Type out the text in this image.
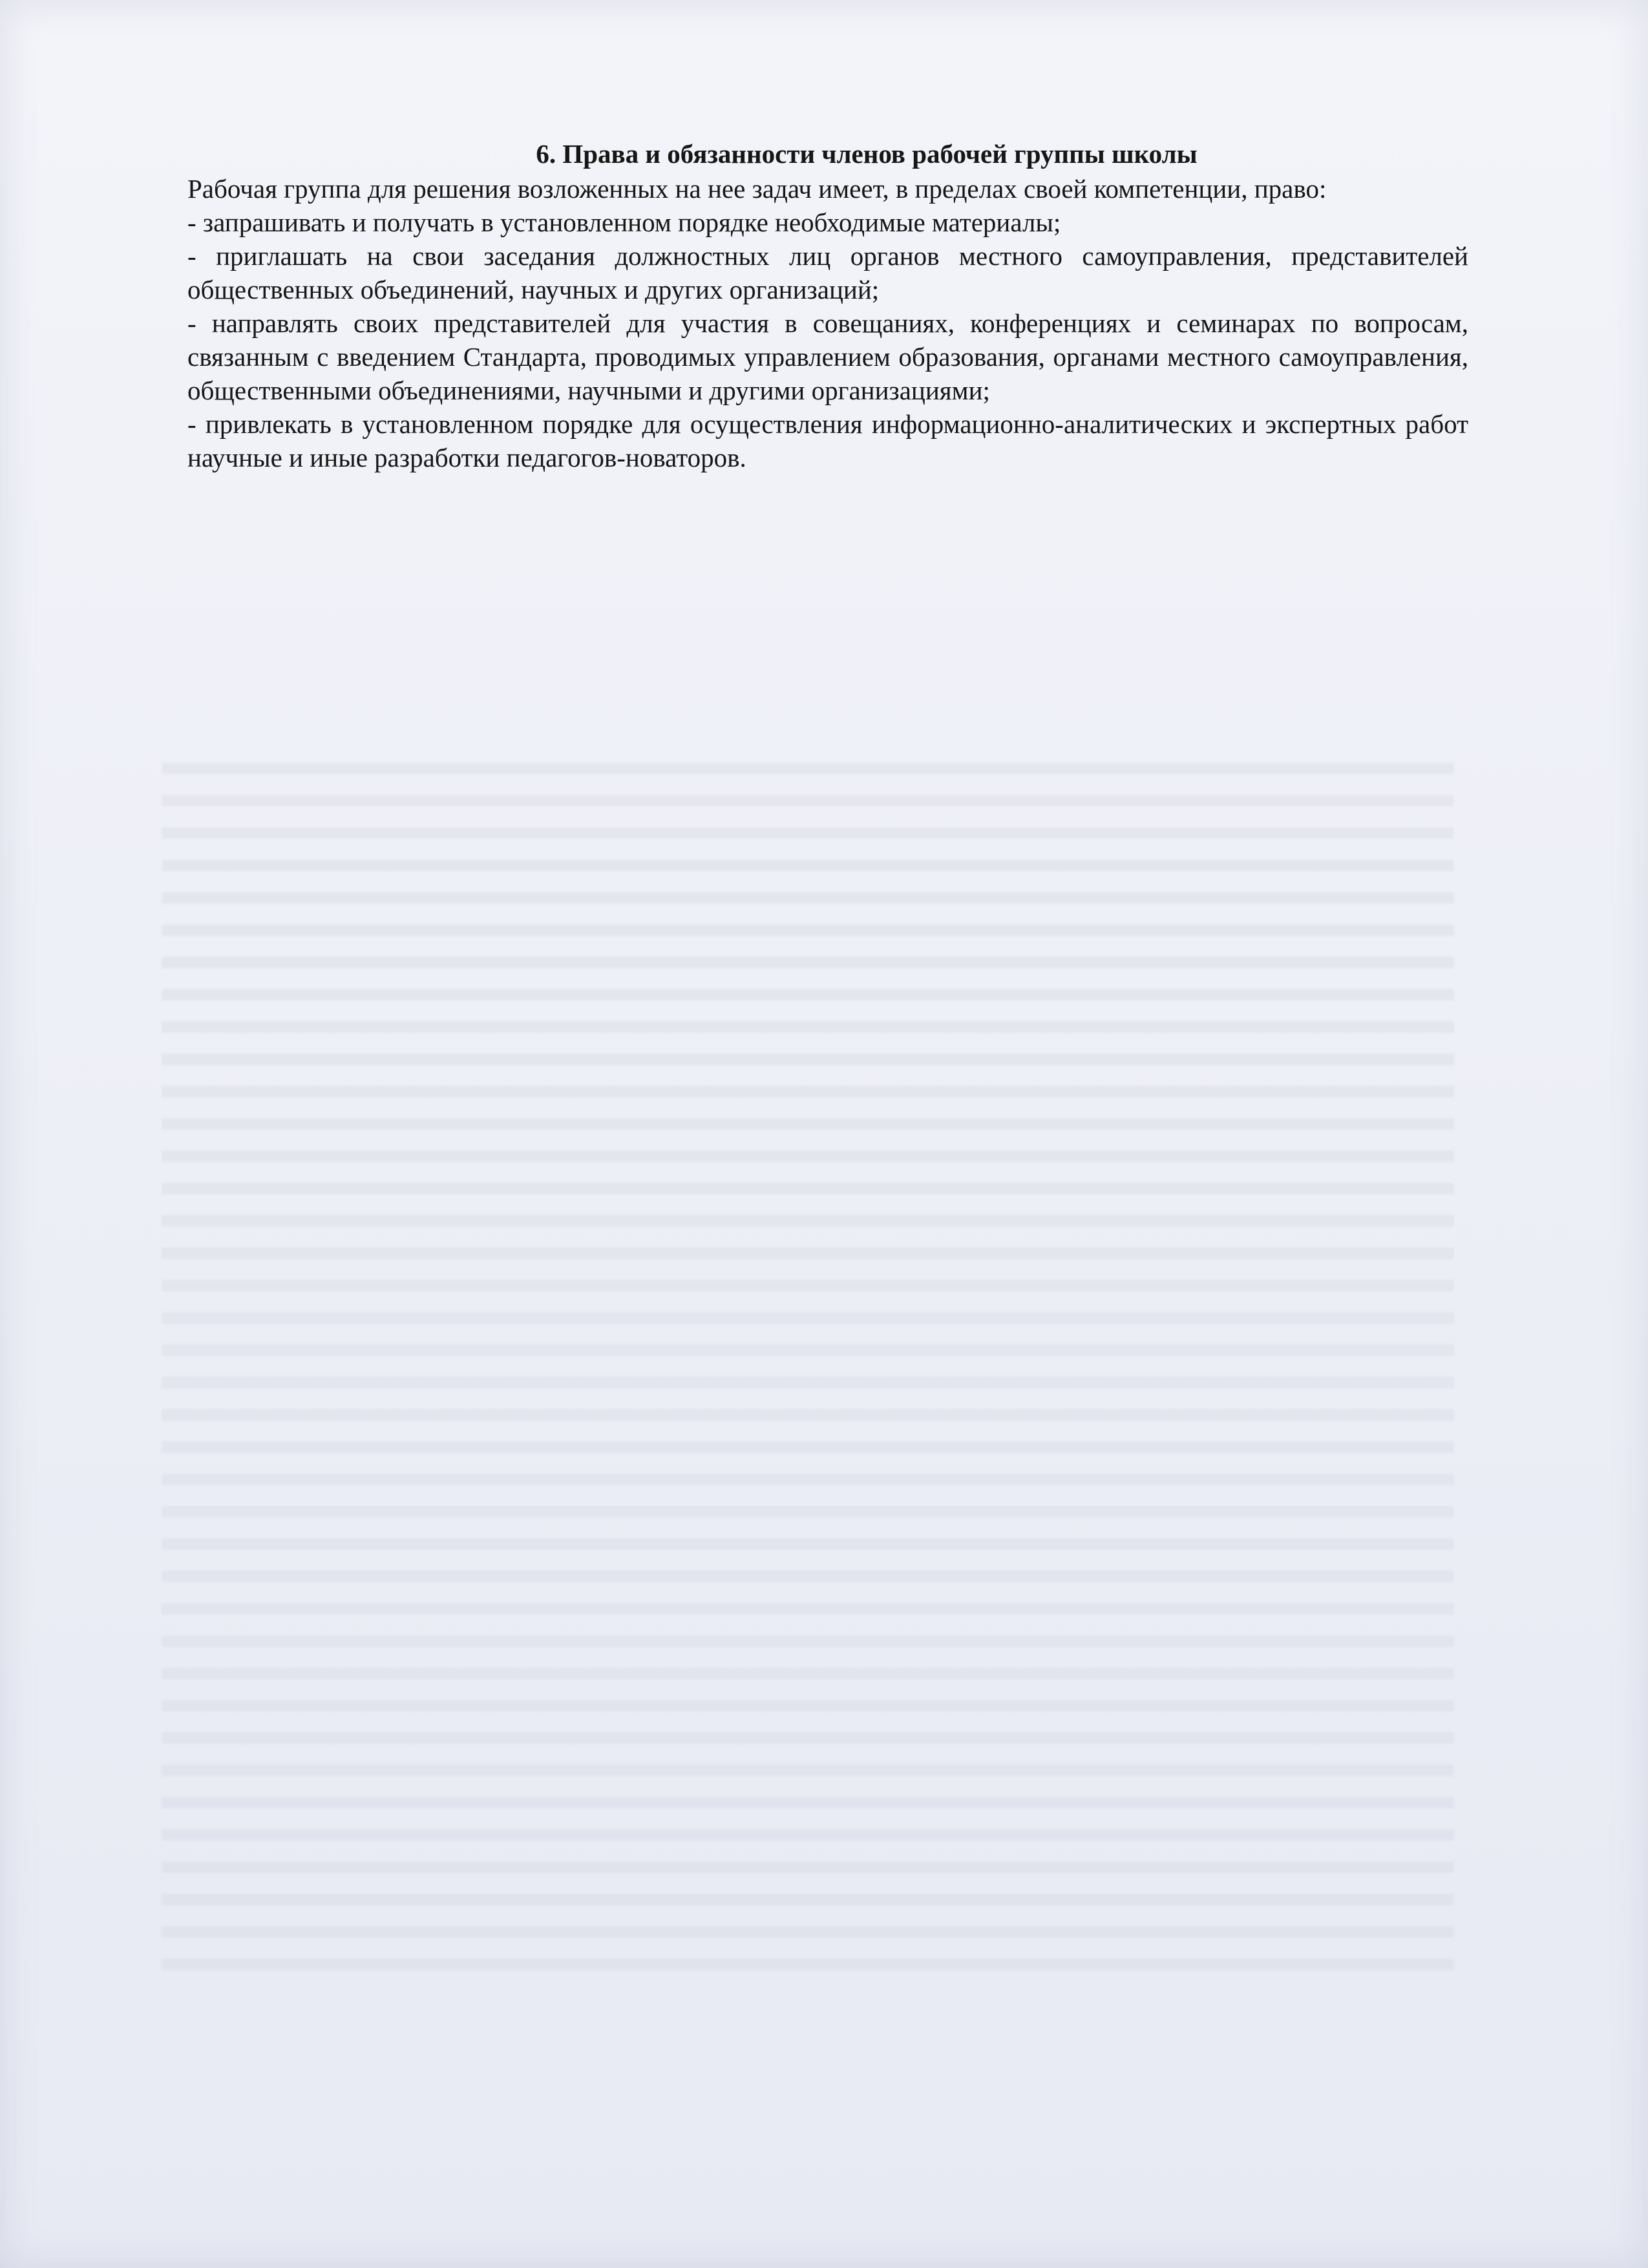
6. Права и обязанности членов рабочей группы школы

Рабочая группа для решения возложенных на нее задач имеет, в пределах своей компетенции, право:

- запрашивать и получать в установленном порядке необходимые материалы;

- приглашать на свои заседания должностных лиц органов местного самоуправления, представителей общественных объединений, научных и других организаций;

- направлять своих представителей для участия в совещаниях, конференциях и семинарах по вопросам, связанным с введением Стандарта, проводимых управлением образования, органами местного самоуправления, общественными объединениями, научными и другими организациями;

- привлекать в установленном порядке для осуществления информационно-аналитических и экспертных работ научные и иные разработки педагогов-новаторов.
